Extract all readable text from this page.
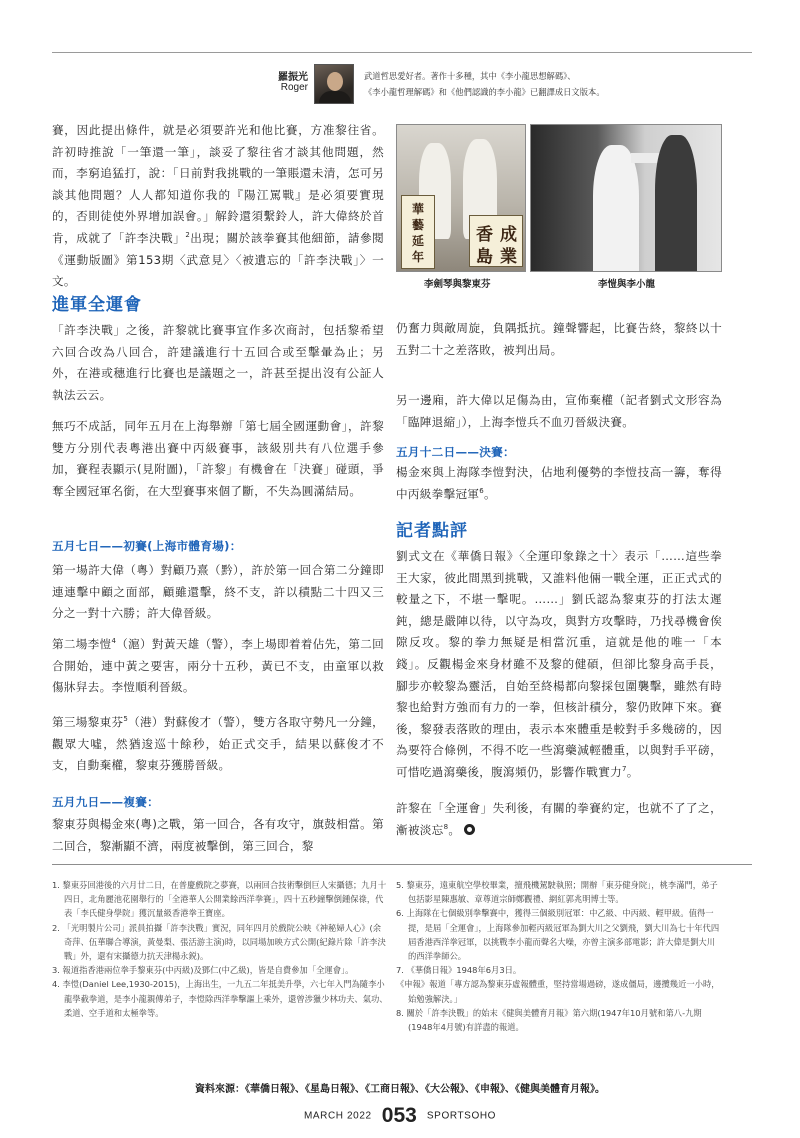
羅振光
Roger
武道哲思愛好者。著作十多種，其中《李小龍思想解碼》、
《李小龍哲理解碼》和《他們認識的李小龍》已翻譯成日文版本。

賽，因此提出條件，就是必須要許光和他比賽，方准黎往省。許初時推說「一筆還一筆」，談妥了黎往省才談其他問題，然而，李窮追猛打，說：「日前對我挑戰的一筆賬還未清，怎可另談其他問題？人人都知道你我的『陽江罵戰』是必須要實現的，否則徒使外界增加誤會。」解鈴還須繫鈴人，許大偉終於首肯，成就了「許李決戰」$^2$出現；關於該拳賽其他細節，請參閱《運動版圖》第153期〈武意見〉〈被遺忘的「許李決戰」〉一文。

華
藝
延
年
成
業
香
島
李劍琴與黎東芬	李愷與李小龍
進軍全運會

「許李決戰」之後，許黎就比賽事宜作多次商討，包括黎希望六回合改為八回合，許建議進行十五回合或至擊暈為止；另外，在港或穗進行比賽也是議題之一，許甚至提出沒有公証人執法云云。

無巧不成話，同年五月在上海舉辦「第七屆全國運動會」，許黎雙方分別代表粵港出賽中丙級賽事，該級別共有八位選手參加，賽程表顯示(見附圖)，「許黎」有機會在「決賽」碰頭，爭奪全國冠軍名銜，在大型賽事來個了斷，不失為圓滿結局。

五月七日——初賽(上海市體育場)：

第一場許大偉（粵）對顧乃熹（黔），許於第一回合第二分鐘即連連擊中顧之面部，顧雖還擊，終不支，許以積點二十四又三分之一對十六勝；許大偉晉級。

第二場李愷$^4$（滬）對黃天雄（警），李上場即着着佔先，第二回合開始，連中黃之要害，兩分十五秒，黃已不支，由童軍以救傷牀舁去。李愷順利晉級。

第三場黎東芬$^5$（港）對蘇俊才（警），雙方各取守勢凡一分鐘，觀眾大噓，然猶逡巡十餘秒，始正式交手，結果以蘇俊才不支，自動棄權，黎東芬獲勝晉級。

五月九日——複賽：

黎東芬與楊金來(粵)之戰，第一回合，各有攻守，旗鼓相當。第二回合，黎漸顯不濟，兩度被擊倒，第三回合，黎

仍奮力與敵周旋，負隅抵抗。鐘聲響起，比賽告終，黎終以十五對二十之差落敗，被判出局。

另一邊廂，許大偉以足傷為由，宣佈棄權（記者劉式文形容為「臨陣退縮」），上海李愷兵不血刃晉級決賽。

五月十二日——決賽：

楊金來與上海隊李愷對決，佔地利優勢的李愷技高一籌，奪得中丙級拳擊冠軍$^6$。

記者點評

劉式文在《華僑日報》〈全運印象錄之十〉表示「……這些拳王大家，彼此間黑到挑戰，又誰料他倆一戰全運，正正式式的較量之下，不堪一擊呢。……」劉氏認為黎東芬的打法太遲鈍，總是嚴陣以待，以守為攻，與對方攻擊時，乃找尋機會俟隙反攻。黎的拳力無疑是相當沉重，這就是他的唯一「本錢」。反觀楊金來身材雖不及黎的健碩，但卻比黎身高手長，腳步亦較黎為靈活，自始至終楊都向黎採包圍襲擊，雖然有時黎也給對方強而有力的一拳，但核計積分，黎仍敗陣下來。賽後，黎發表落敗的理由，表示本來體重是較對手多幾磅的，因為要符合條例，不得不吃一些瀉藥減輕體重，以與對手平磅，可惜吃過瀉藥後，腹瀉頻仍，影響作戰實力$^7$。

許黎在「全運會」失利後，有關的拳賽約定，也就不了了之，漸被淡忘$^8$。

1. 黎東芬回港後的六月廿二日，在普慶戲院之夢賽，以兩回合技術擊倒巨人宋攝德；九月十四日，北角麗池花園舉行的「全港華人公開業餘西洋拳賽」，四十五秒鐘擊倒鍾保祿，代表「李氏健身學院」獲沉量級香港拳王寶座。
2. 「光明製片公司」派員拍攝「許李決戰」實況，同年四月於戲院公映《神秘婦人心》(余奇萍、伍華聯合導演，黃曼梨、張活游主演)時，以同場加映方式公開(紀錄片除「許李決戰」外，還有宋攝德力抗天津楊永鋭)。
3. 報道指香港兩位拳手黎東芬(中丙級)及鄧仁(中乙級)，皆是自費參加「全運會」。
4. 李愷(Daniel Lee,1930-2015)，上海出生，一九五二年抵美升學，六七年入門為隨李小龍學截拳道，是李小龍親傳弟子，李愷除西洋拳擊謳上乘外，還曾涉獵少林功夫、氣功、柔道、空手道和太極拳等。
5. 黎東芬，遠東航空學校畢業，擅飛機駕駛執照；開辦「東芬健身院」，桃李滿門，弟子包括影星陳惠敏、章尊道宗師鄭觀禮、網紅郭兆明博士等。
6. 上海隊在七個級別拳擊賽中，獲得三個級別冠軍：中乙級、中丙級、輕甲級。值得一提，是屆「全運會」，上海隊參加輕丙級冠軍為劉大川之父劉飛，劉大川為七十年代四屆香港西洋拳冠軍，以挑戰李小龍而聲名大噪，亦曾主演多部電影；許大偉是劉大川的西洋拳師公。
7. 《華僑日報》1948年6月3日。
《申報》報道「專方認為黎東芬虛報體重，堅持當場過磅，遂成僵局，邊攬幾近一小時，始勉強解決。」
8. 關於「許李決戰」的始末《健與美體育月報》第六期(1947年10月號和第八-九期 (1948年4月號)有詳盡的報道。
資料來源：《華僑日報》、《星島日報》、《工商日報》、《大公報》、《申報》、《健與美體育月報》。
MARCH 2022 053 SPORTSOHO
